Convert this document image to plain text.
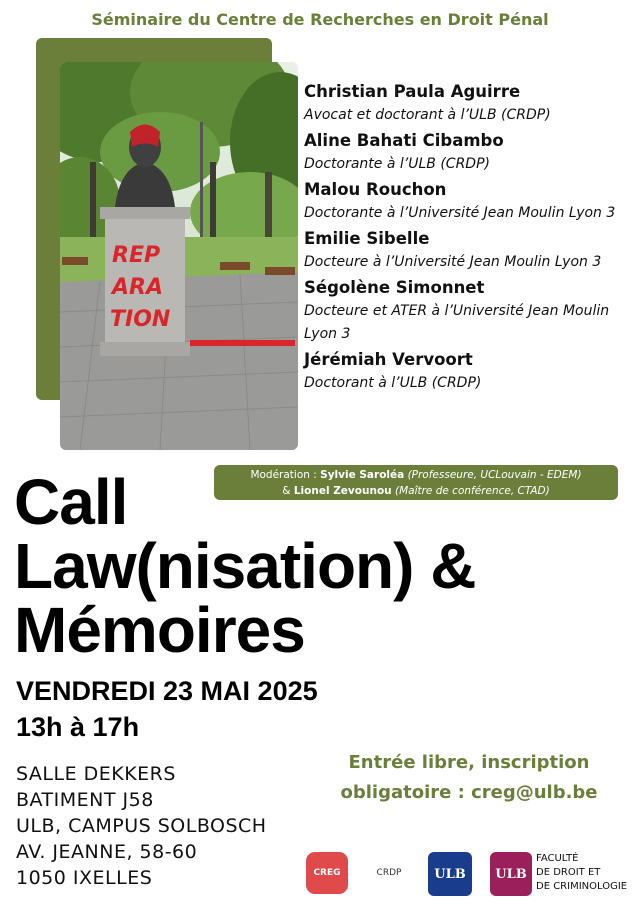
Séminaire du Centre de Recherches en Droit Pénal
REP
ARA
TION
Christian Paula Aguirre
Avocat et doctorant à l’ULB (CRDP)
Aline Bahati Cibambo
Doctorante à l’ULB (CRDP)
Malou Rouchon
Doctorante à l’Université Jean Moulin Lyon 3
Emilie Sibelle
Docteure à l’Université Jean Moulin Lyon 3
Ségolène Simonnet
Docteure et ATER à l’Université Jean Moulin Lyon 3
Jérémiah Vervoort
Doctorant à l’ULB (CRDP)
Modération : Sylvie Saroléa (Professeure, UCLouvain - EDEM)
& Lionel Zevounou (Maître de conférence, CTAD)
Call
Law(nisation) &
Mémoires
VENDREDI 23 MAI 2025
13h à 17h
SALLE DEKKERS
BATIMENT J58
ULB, CAMPUS SOLBOSCH
AV. JEANNE, 58-60
1050 IXELLES
Entrée libre, inscription
obligatoire : creg@ulb.be
CREG	CRDP	ULB	ULB
FACULTÉ
DE DROIT ET
DE CRIMINOLOGIE
